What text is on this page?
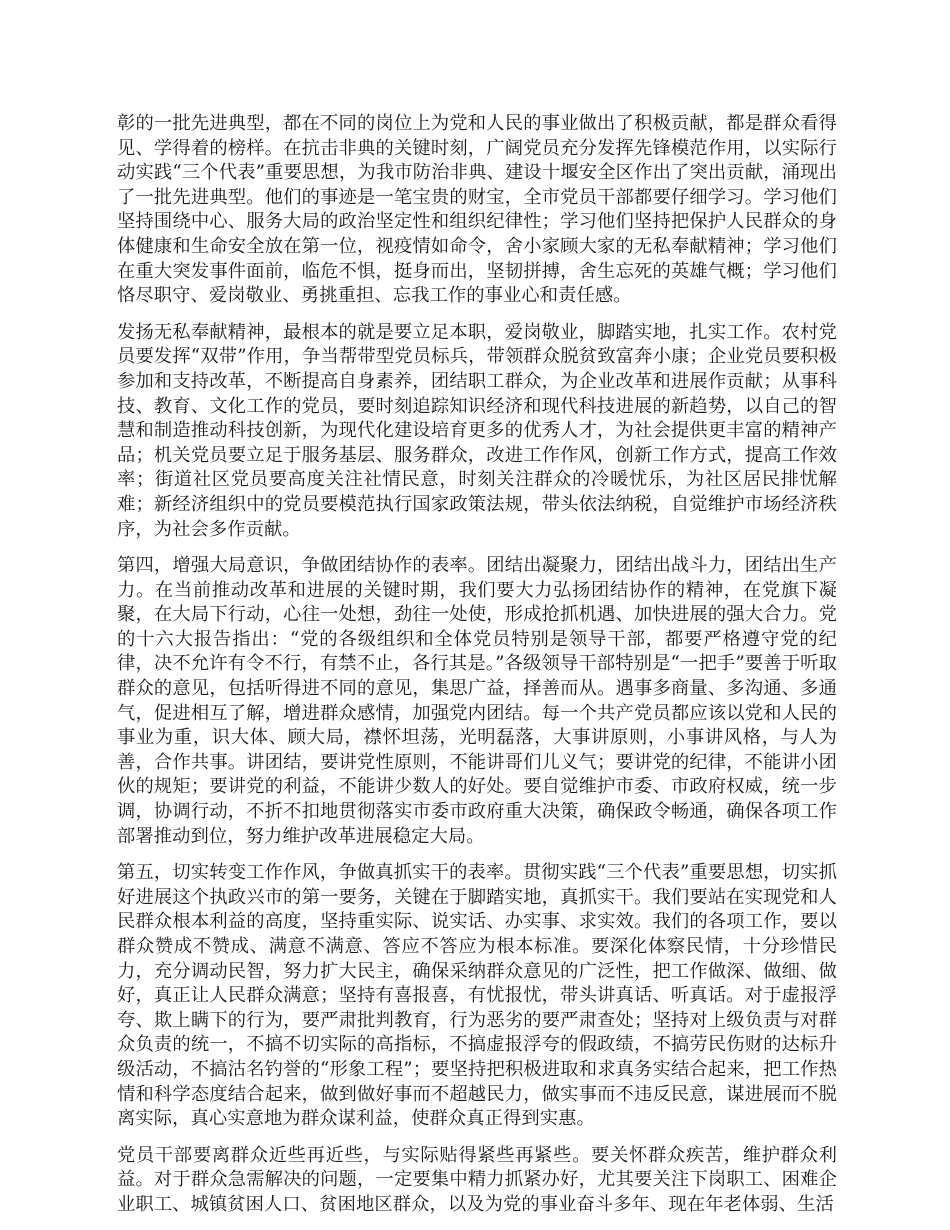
彰的一批先进典型，都在不同的岗位上为党和人民的事业做出了积极贡献，都是群众看得见、学得着的榜样。在抗击非典的关键时刻，广阔党员充分发挥先锋模范作用，以实际行动实践“三个代表”重要思想，为我市防治非典、建设十堰安全区作出了突出贡献，涌现出了一批先进典型。他们的事迹是一笔宝贵的财宝，全市党员干部都要仔细学习。学习他们坚持围绕中心、服务大局的政治坚定性和组织纪律性；学习他们坚持把保护人民群众的身体健康和生命安全放在第一位，视疫情如命令，舍小家顾大家的无私奉献精神；学习他们在重大突发事件面前，临危不惧，挺身而出，坚韧拼搏，舍生忘死的英雄气概；学习他们恪尽职守、爱岗敬业、勇挑重担、忘我工作的事业心和责任感。

发扬无私奉献精神，最根本的就是要立足本职，爱岗敬业，脚踏实地，扎实工作。农村党员要发挥“双带”作用，争当帮带型党员标兵，带领群众脱贫致富奔小康；企业党员要积极参加和支持改革，不断提高自身素养，团结职工群众，为企业改革和进展作贡献；从事科技、教育、文化工作的党员，要时刻追踪知识经济和现代科技进展的新趋势，以自己的智慧和制造推动科技创新，为现代化建设培育更多的优秀人才，为社会提供更丰富的精神产品；机关党员要立足于服务基层、服务群众，改进工作作风，创新工作方式，提高工作效率；街道社区党员要高度关注社情民意，时刻关注群众的冷暖忧乐，为社区居民排忧解难；新经济组织中的党员要模范执行国家政策法规，带头依法纳税，自觉维护市场经济秩序，为社会多作贡献。

第四，增强大局意识，争做团结协作的表率。团结出凝聚力，团结出战斗力，团结出生产力。在当前推动改革和进展的关键时期，我们要大力弘扬团结协作的精神，在党旗下凝聚，在大局下行动，心往一处想，劲往一处使，形成抢抓机遇、加快进展的强大合力。党的十六大报告指出：“党的各级组织和全体党员特别是领导干部，都要严格遵守党的纪律，决不允许有令不行，有禁不止，各行其是。”各级领导干部特别是“一把手”要善于听取群众的意见，包括听得进不同的意见，集思广益，择善而从。遇事多商量、多沟通、多通气，促进相互了解，增进群众感情，加强党内团结。每一个共产党员都应该以党和人民的事业为重，识大体、顾大局，襟怀坦荡，光明磊落，大事讲原则，小事讲风格，与人为善，合作共事。讲团结，要讲党性原则，不能讲哥们儿义气；要讲党的纪律，不能讲小团伙的规矩；要讲党的利益，不能讲少数人的好处。要自觉维护市委、市政府权威，统一步调，协调行动，不折不扣地贯彻落实市委市政府重大决策，确保政令畅通，确保各项工作部署推动到位，努力维护改革进展稳定大局。

第五，切实转变工作作风，争做真抓实干的表率。贯彻实践“三个代表”重要思想，切实抓好进展这个执政兴市的第一要务，关键在于脚踏实地，真抓实干。我们要站在实现党和人民群众根本利益的高度，坚持重实际、说实话、办实事、求实效。我们的各项工作，要以群众赞成不赞成、满意不满意、答应不答应为根本标准。要深化体察民情，十分珍惜民力，充分调动民智，努力扩大民主，确保采纳群众意见的广泛性，把工作做深、做细、做好，真正让人民群众满意；坚持有喜报喜，有忧报忧，带头讲真话、听真话。对于虚报浮夸、欺上瞒下的行为，要严肃批判教育，行为恶劣的要严肃查处；坚持对上级负责与对群众负责的统一，不搞不切实际的高指标，不搞虚报浮夸的假政绩，不搞劳民伤财的达标升级活动，不搞沽名钓誉的“形象工程”；要坚持把积极进取和求真务实结合起来，把工作热情和科学态度结合起来，做到做好事而不超越民力，做实事而不违反民意，谋进展而不脱离实际，真心实意地为群众谋利益，使群众真正得到实惠。

党员干部要离群众近些再近些，与实际贴得紧些再紧些。要关怀群众疾苦，维护群众利益。对于群众急需解决的问题，一定要集中精力抓紧办好，尤其要关注下岗职工、困难企业职工、城镇贫困人口、贫困地区群众，以及为党的事业奋斗多年、现在年老体弱、生活
